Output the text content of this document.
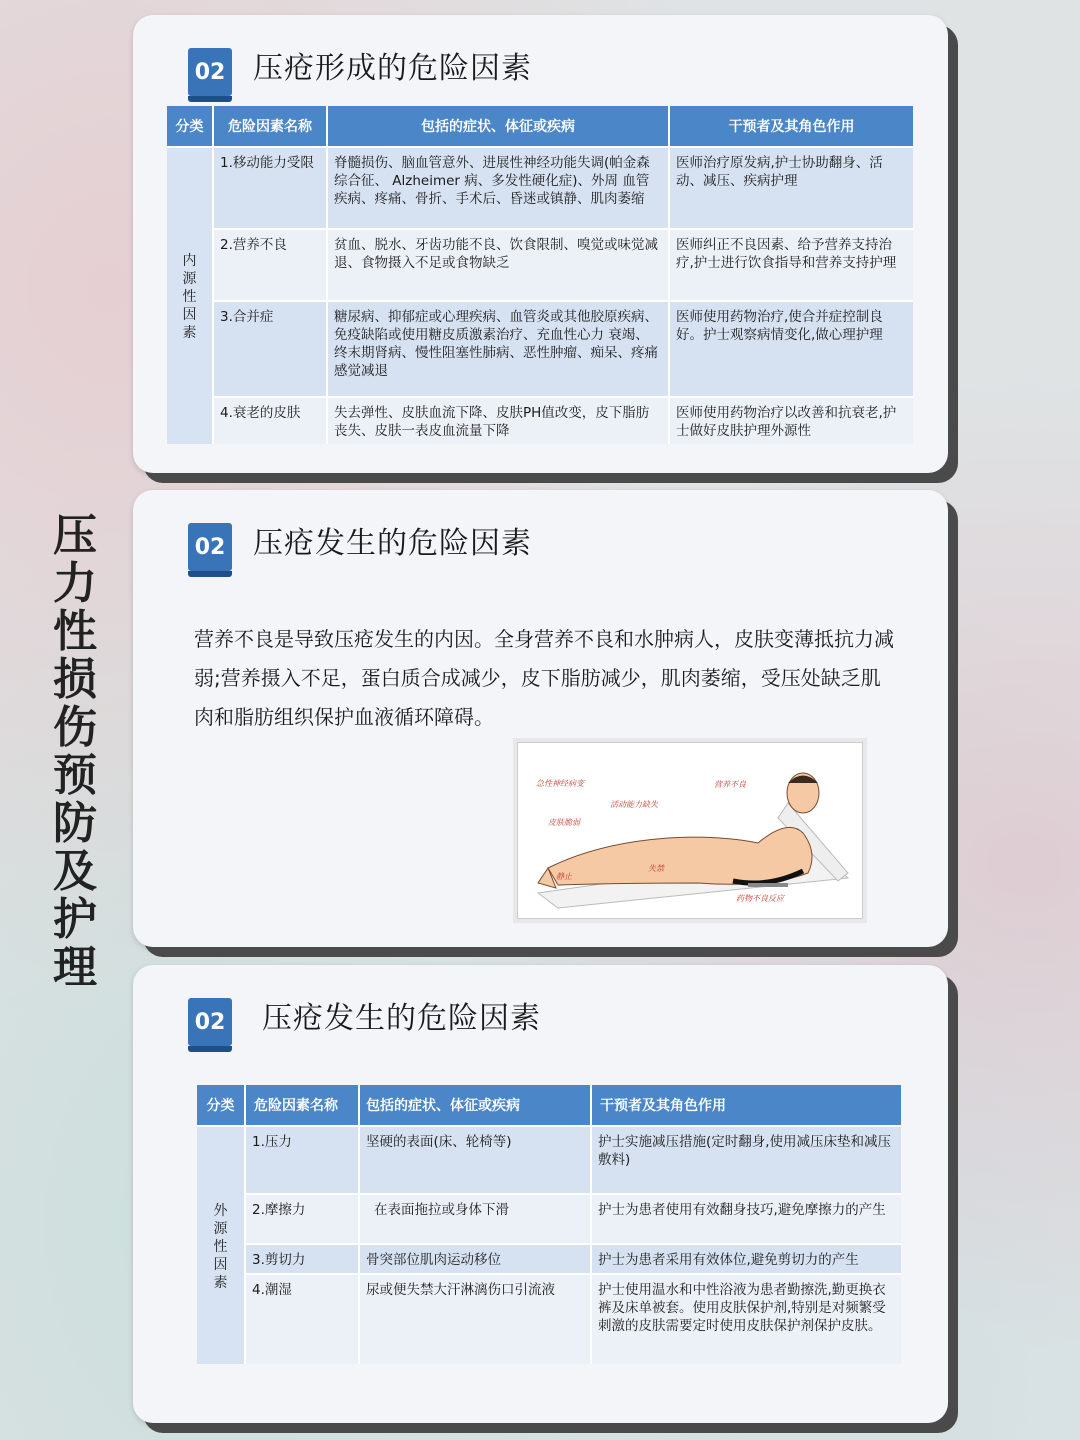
压
力
性
损
伤
预
防
及
护
理
02 压疮形成的危险因素
分类	危险因素名称	包括的症状、体征或疾病	干预者及其角色作用

内
源
性
因
素	1.移动能力受限	脊髓损伤、脑血管意外、进展性神经功能失调(帕金森综合征、 Alzheimer 病、多发性硬化症)、外周 血管疾病、疼痛、骨折、手术后、昏迷或镇静、肌肉萎缩	医师治疗原发病,护士协助翻身、活动、减压、疾病护理
	2.营养不良	贫血、脱水、牙齿功能不良、饮食限制、嗅觉或味觉减退、食物摄入不足或食物缺乏	医师纠正不良因素、给予营养支持治疗,护士进行饮食指导和营养支持护理
	3.合并症	糖尿病、抑郁症或心理疾病、血管炎或其他胶原疾病、免疫缺陷或使用糖皮质激素治疗、充血性心力 衰竭、终末期肾病、慢性阻塞性肺病、恶性肿瘤、痴呆、疼痛感觉减退	医师使用药物治疗,使合并症控制良好。护士观察病情变化,做心理护理
	4.衰老的皮肤	失去弹性、皮肤血流下降、皮肤PH值改变，皮下脂肪丧失、皮肤一表皮血流量下降	医师使用药物治疗以改善和抗衰老,护士做好皮肤护理外源性
02 压疮发生的危险因素
营养不良是导致压疮发生的内因。全身营养不良和水肿病人，皮肤变薄抵抗力减弱;营养摄入不足，蛋白质合成减少，皮下脂肪减少，肌肉萎缩，受压处缺乏肌肉和脂肪组织保护血液循环障碍。
急性神经病变	营养不良
活动能力缺失
皮肤脆弱
失禁
静止
药物不良反应
02 压疮发生的危险因素
分类	危险因素名称	包括的症状、体征或疾病	干预者及其角色作用

外
源
性
因
素	1.压力	坚硬的表面(床、轮椅等)	护士实施减压措施(定时翻身,使用减压床垫和减压敷料)
	2.摩擦力	在表面拖拉或身体下滑	护士为患者使用有效翻身技巧,避免摩擦力的产生
	3.剪切力	骨突部位肌肉运动移位	护士为患者采用有效体位,避免剪切力的产生
	4.潮湿	尿或便失禁大汗淋漓伤口引流液	护士使用温水和中性浴液为患者勤擦洗,勤更换衣裤及床单被套。使用皮肤保护剂,特别是对频繁受刺激的皮肤需要定时使用皮肤保护剂保护皮肤。
